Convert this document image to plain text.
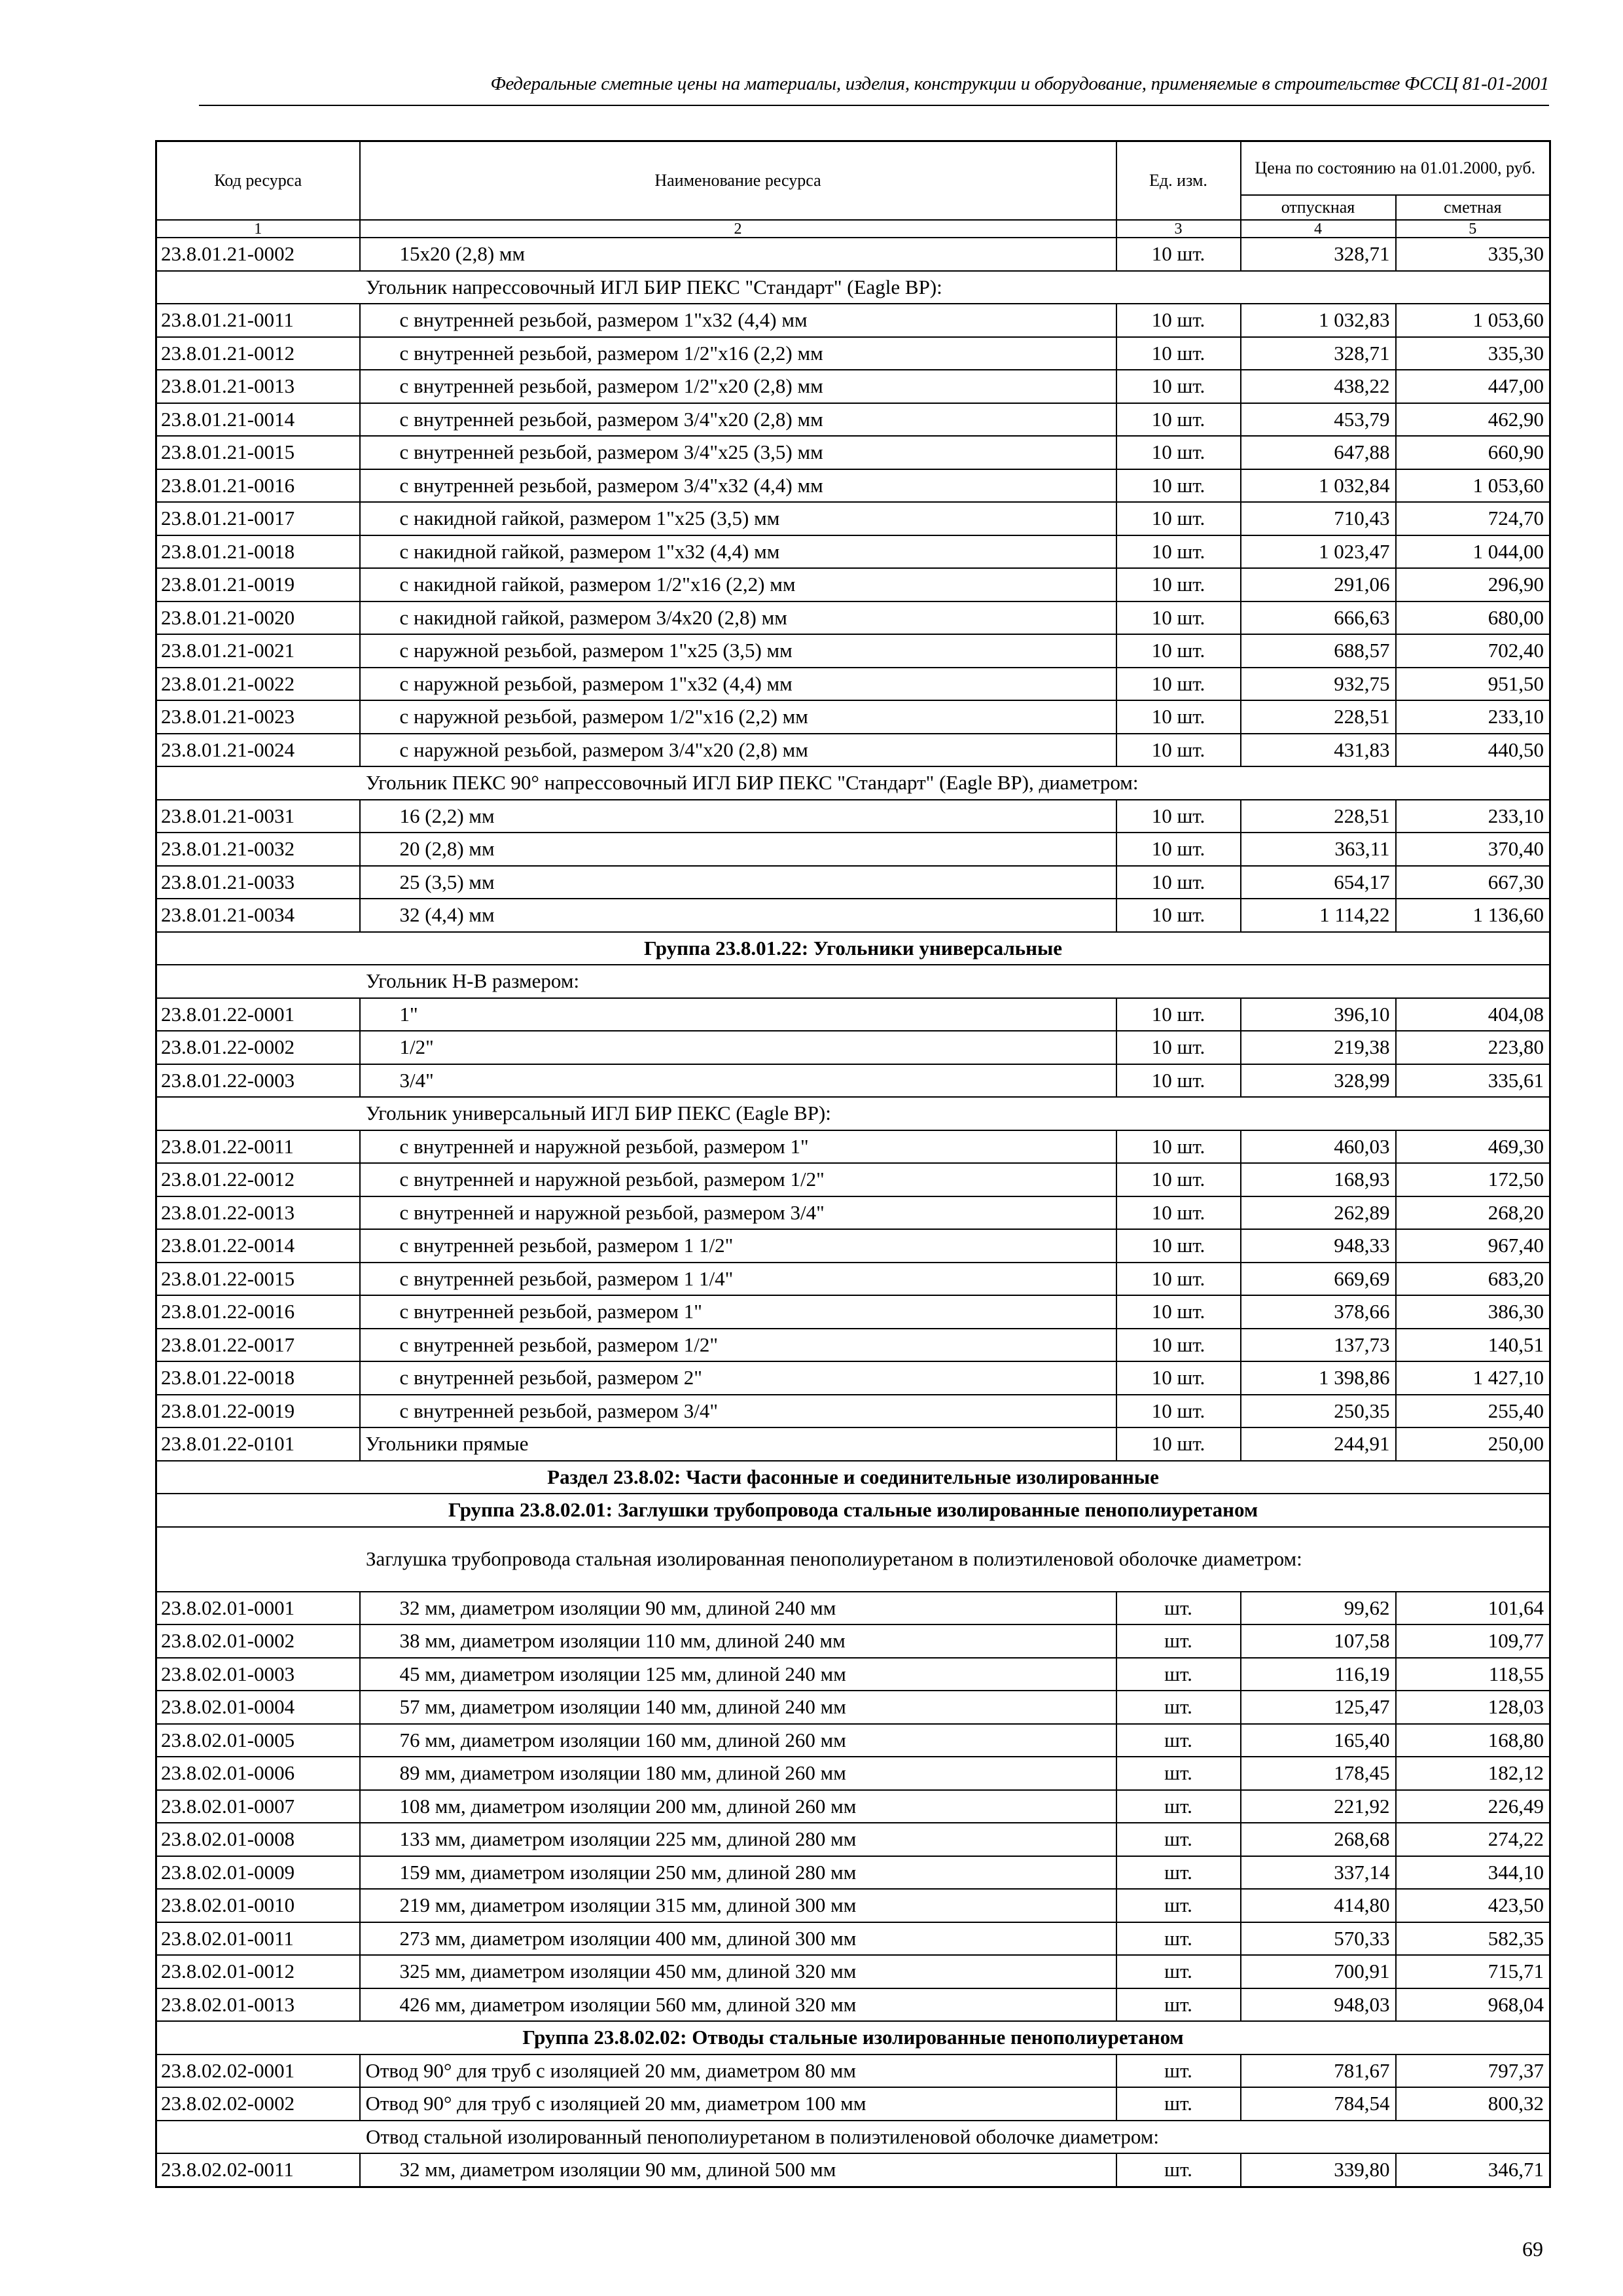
Федеральные сметные цены на материалы, изделия, конструкции и оборудование, применяемые в строительстве ФССЦ 81-01-2001
Код ресурса	Наименование ресурса	Ед. изм.	Цена по состоянию на 01.01.2000, руб.	
			отпускная	сметная
1	2	3	4	5
23.8.01.21-0002	15x20 (2,8) мм	10 шт.	328,71	335,30
Угольник напрессовочный ИГЛ БИР ПЕКС "Стандарт" (Eagle BP):				
23.8.01.21-0011	с внутренней резьбой, размером 1"x32 (4,4) мм	10 шт.	1 032,83	1 053,60
23.8.01.21-0012	с внутренней резьбой, размером 1/2"x16 (2,2) мм	10 шт.	328,71	335,30
23.8.01.21-0013	с внутренней резьбой, размером 1/2"x20 (2,8) мм	10 шт.	438,22	447,00
23.8.01.21-0014	с внутренней резьбой, размером 3/4"x20 (2,8) мм	10 шт.	453,79	462,90
23.8.01.21-0015	с внутренней резьбой, размером 3/4"x25 (3,5) мм	10 шт.	647,88	660,90
23.8.01.21-0016	с внутренней резьбой, размером 3/4"x32 (4,4) мм	10 шт.	1 032,84	1 053,60
23.8.01.21-0017	с накидной гайкой, размером 1"x25 (3,5) мм	10 шт.	710,43	724,70
23.8.01.21-0018	с накидной гайкой, размером 1"x32 (4,4) мм	10 шт.	1 023,47	1 044,00
23.8.01.21-0019	с накидной гайкой, размером 1/2"x16 (2,2) мм	10 шт.	291,06	296,90
23.8.01.21-0020	с накидной гайкой, размером 3/4x20 (2,8) мм	10 шт.	666,63	680,00
23.8.01.21-0021	с наружной резьбой, размером 1"x25 (3,5) мм	10 шт.	688,57	702,40
23.8.01.21-0022	с наружной резьбой, размером 1"x32 (4,4) мм	10 шт.	932,75	951,50
23.8.01.21-0023	с наружной резьбой, размером 1/2"x16 (2,2) мм	10 шт.	228,51	233,10
23.8.01.21-0024	с наружной резьбой, размером 3/4"x20 (2,8) мм	10 шт.	431,83	440,50
Угольник ПЕКС 90° напрессовочный ИГЛ БИР ПЕКС "Стандарт" (Eagle BP), диаметром:				
23.8.01.21-0031	16 (2,2) мм	10 шт.	228,51	233,10
23.8.01.21-0032	20 (2,8) мм	10 шт.	363,11	370,40
23.8.01.21-0033	25 (3,5) мм	10 шт.	654,17	667,30
23.8.01.21-0034	32 (4,4) мм	10 шт.	1 114,22	1 136,60
Группа 23.8.01.22: Угольники универсальные				
Угольник Н-В размером:				
23.8.01.22-0001	1"	10 шт.	396,10	404,08
23.8.01.22-0002	1/2"	10 шт.	219,38	223,80
23.8.01.22-0003	3/4"	10 шт.	328,99	335,61
Угольник универсальный ИГЛ БИР ПЕКС (Eagle BP):				
23.8.01.22-0011	с внутренней и наружной резьбой, размером 1"	10 шт.	460,03	469,30
23.8.01.22-0012	с внутренней и наружной резьбой, размером 1/2"	10 шт.	168,93	172,50
23.8.01.22-0013	с внутренней и наружной резьбой, размером 3/4"	10 шт.	262,89	268,20
23.8.01.22-0014	с внутренней резьбой, размером 1 1/2"	10 шт.	948,33	967,40
23.8.01.22-0015	с внутренней резьбой, размером 1 1/4"	10 шт.	669,69	683,20
23.8.01.22-0016	с внутренней резьбой, размером 1"	10 шт.	378,66	386,30
23.8.01.22-0017	с внутренней резьбой, размером 1/2"	10 шт.	137,73	140,51
23.8.01.22-0018	с внутренней резьбой, размером 2"	10 шт.	1 398,86	1 427,10
23.8.01.22-0019	с внутренней резьбой, размером 3/4"	10 шт.	250,35	255,40
23.8.01.22-0101	Угольники прямые	10 шт.	244,91	250,00
Раздел 23.8.02: Части фасонные и соединительные изолированные				
Группа 23.8.02.01: Заглушки трубопровода стальные изолированные пенополиуретаном				
Заглушка трубопровода стальная изолированная пенополиуретаном в полиэтиленовой оболочке диаметром:				
23.8.02.01-0001	32 мм, диаметром изоляции 90 мм, длиной 240 мм	шт.	99,62	101,64
23.8.02.01-0002	38 мм, диаметром изоляции 110 мм, длиной 240 мм	шт.	107,58	109,77
23.8.02.01-0003	45 мм, диаметром изоляции 125 мм, длиной 240 мм	шт.	116,19	118,55
23.8.02.01-0004	57 мм, диаметром изоляции 140 мм, длиной 240 мм	шт.	125,47	128,03
23.8.02.01-0005	76 мм, диаметром изоляции 160 мм, длиной 260 мм	шт.	165,40	168,80
23.8.02.01-0006	89 мм, диаметром изоляции 180 мм, длиной 260 мм	шт.	178,45	182,12
23.8.02.01-0007	108 мм, диаметром изоляции 200 мм, длиной 260 мм	шт.	221,92	226,49
23.8.02.01-0008	133 мм, диаметром изоляции 225 мм, длиной 280 мм	шт.	268,68	274,22
23.8.02.01-0009	159 мм, диаметром изоляции 250 мм, длиной 280 мм	шт.	337,14	344,10
23.8.02.01-0010	219 мм, диаметром изоляции 315 мм, длиной 300 мм	шт.	414,80	423,50
23.8.02.01-0011	273 мм, диаметром изоляции 400 мм, длиной 300 мм	шт.	570,33	582,35
23.8.02.01-0012	325 мм, диаметром изоляции 450 мм, длиной 320 мм	шт.	700,91	715,71
23.8.02.01-0013	426 мм, диаметром изоляции 560 мм, длиной 320 мм	шт.	948,03	968,04
Группа 23.8.02.02: Отводы стальные изолированные пенополиуретаном				
23.8.02.02-0001	Отвод 90° для труб с изоляцией 20 мм, диаметром 80 мм	шт.	781,67	797,37
23.8.02.02-0002	Отвод 90° для труб с изоляцией 20 мм, диаметром 100 мм	шт.	784,54	800,32
Отвод стальной изолированный пенополиуретаном в полиэтиленовой оболочке диаметром:				
23.8.02.02-0011	32 мм, диаметром изоляции 90 мм, длиной 500 мм	шт.	339,80	346,71
69
